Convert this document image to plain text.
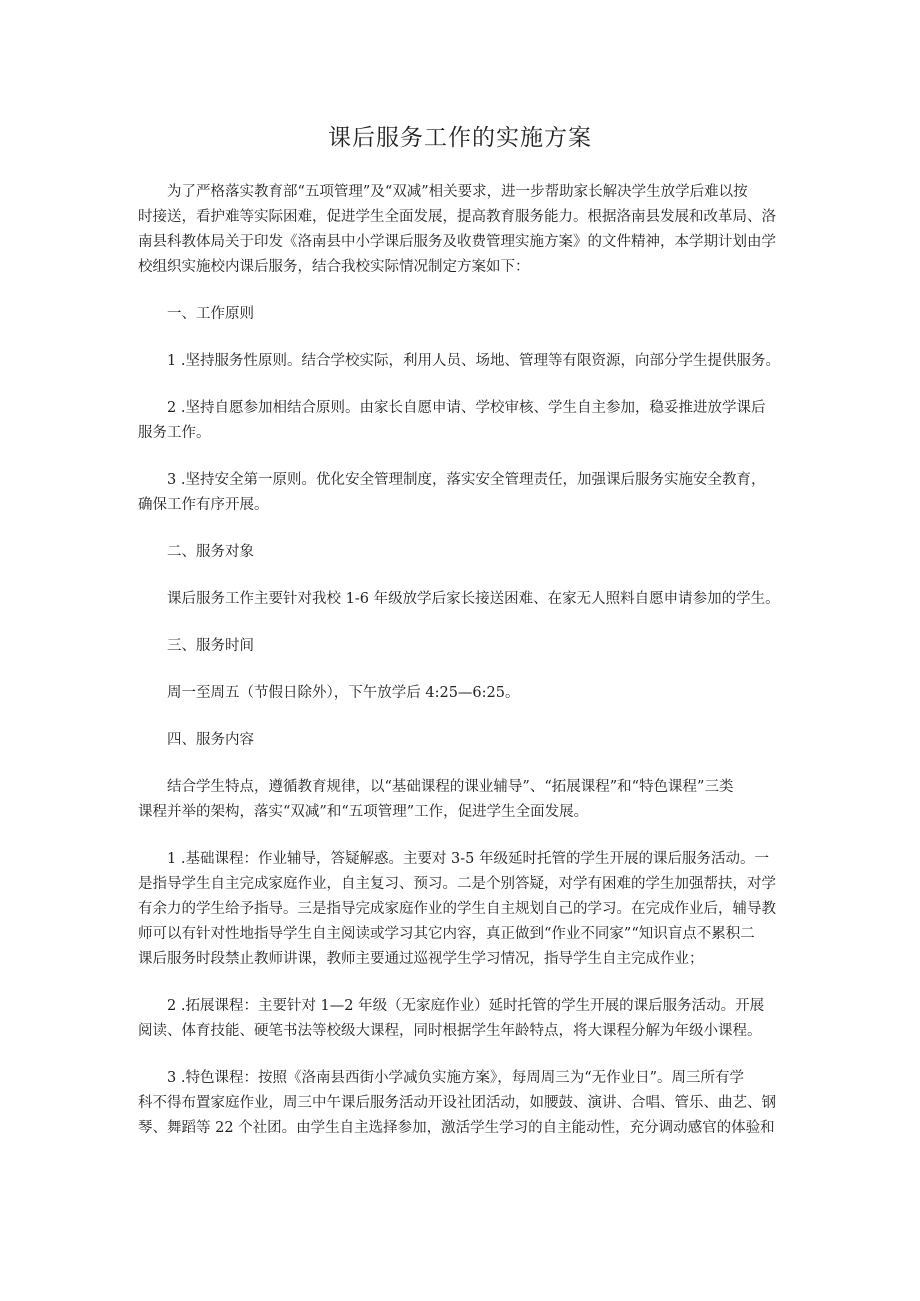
课后服务工作的实施方案

为了严格落实教育部“五项管理”及“双减”相关要求，进一步帮助家长解决学生放学后难以按
时接送，看护难等实际困难，促进学生全面发展，提高教育服务能力。根据洛南县发展和改革局、洛
南县科教体局关于印发《洛南县中小学课后服务及收费管理实施方案》的文件精神，本学期计划由学
校组织实施校内课后服务，结合我校实际情况制定方案如下：

一、工作原则

1 .坚持服务性原则。结合学校实际，利用人员、场地、管理等有限资源，向部分学生提供服务。

2 .坚持自愿参加相结合原则。由家长自愿申请、学校审核、学生自主参加，稳妥推进放学课后
服务工作。

3 .坚持安全第一原则。优化安全管理制度，落实安全管理责任，加强课后服务实施安全教育，
确保工作有序开展。

二、服务对象

课后服务工作主要针对我校 1-6 年级放学后家长接送困难、在家无人照料自愿申请参加的学生。

三、服务时间

周一至周五（节假日除外），下午放学后 4:25—6:25。

四、服务内容

结合学生特点，遵循教育规律，以“基础课程的课业辅导”、“拓展课程”和“特色课程”三类
课程并举的架构，落实“双减”和“五项管理”工作，促进学生全面发展。

1 .基础课程：作业辅导，答疑解惑。主要对 3-5 年级延时托管的学生开展的课后服务活动。一
是指导学生自主完成家庭作业，自主复习、预习。二是个别答疑，对学有困难的学生加强帮扶，对学
有余力的学生给予指导。三是指导完成家庭作业的学生自主规划自己的学习。在完成作业后，辅导教
师可以有针对性地指导学生自主阅读或学习其它内容，真正做到“作业不同家”“知识盲点不累积二
课后服务时段禁止教师讲课，教师主要通过巡视学生学习情况，指导学生自主完成作业；

2 .拓展课程：主要针对 1—2 年级（无家庭作业）延时托管的学生开展的课后服务活动。开展
阅读、体育技能、硬笔书法等校级大课程，同时根据学生年龄特点，将大课程分解为年级小课程。

3 .特色课程：按照《洛南县西街小学减负实施方案》，每周周三为“无作业日”。周三所有学
科不得布置家庭作业，周三中午课后服务活动开设社团活动，如腰鼓、演讲、合唱、管乐、曲艺、钢
琴、舞蹈等 22 个社团。由学生自主选择参加，激活学生学习的自主能动性，充分调动感官的体验和
